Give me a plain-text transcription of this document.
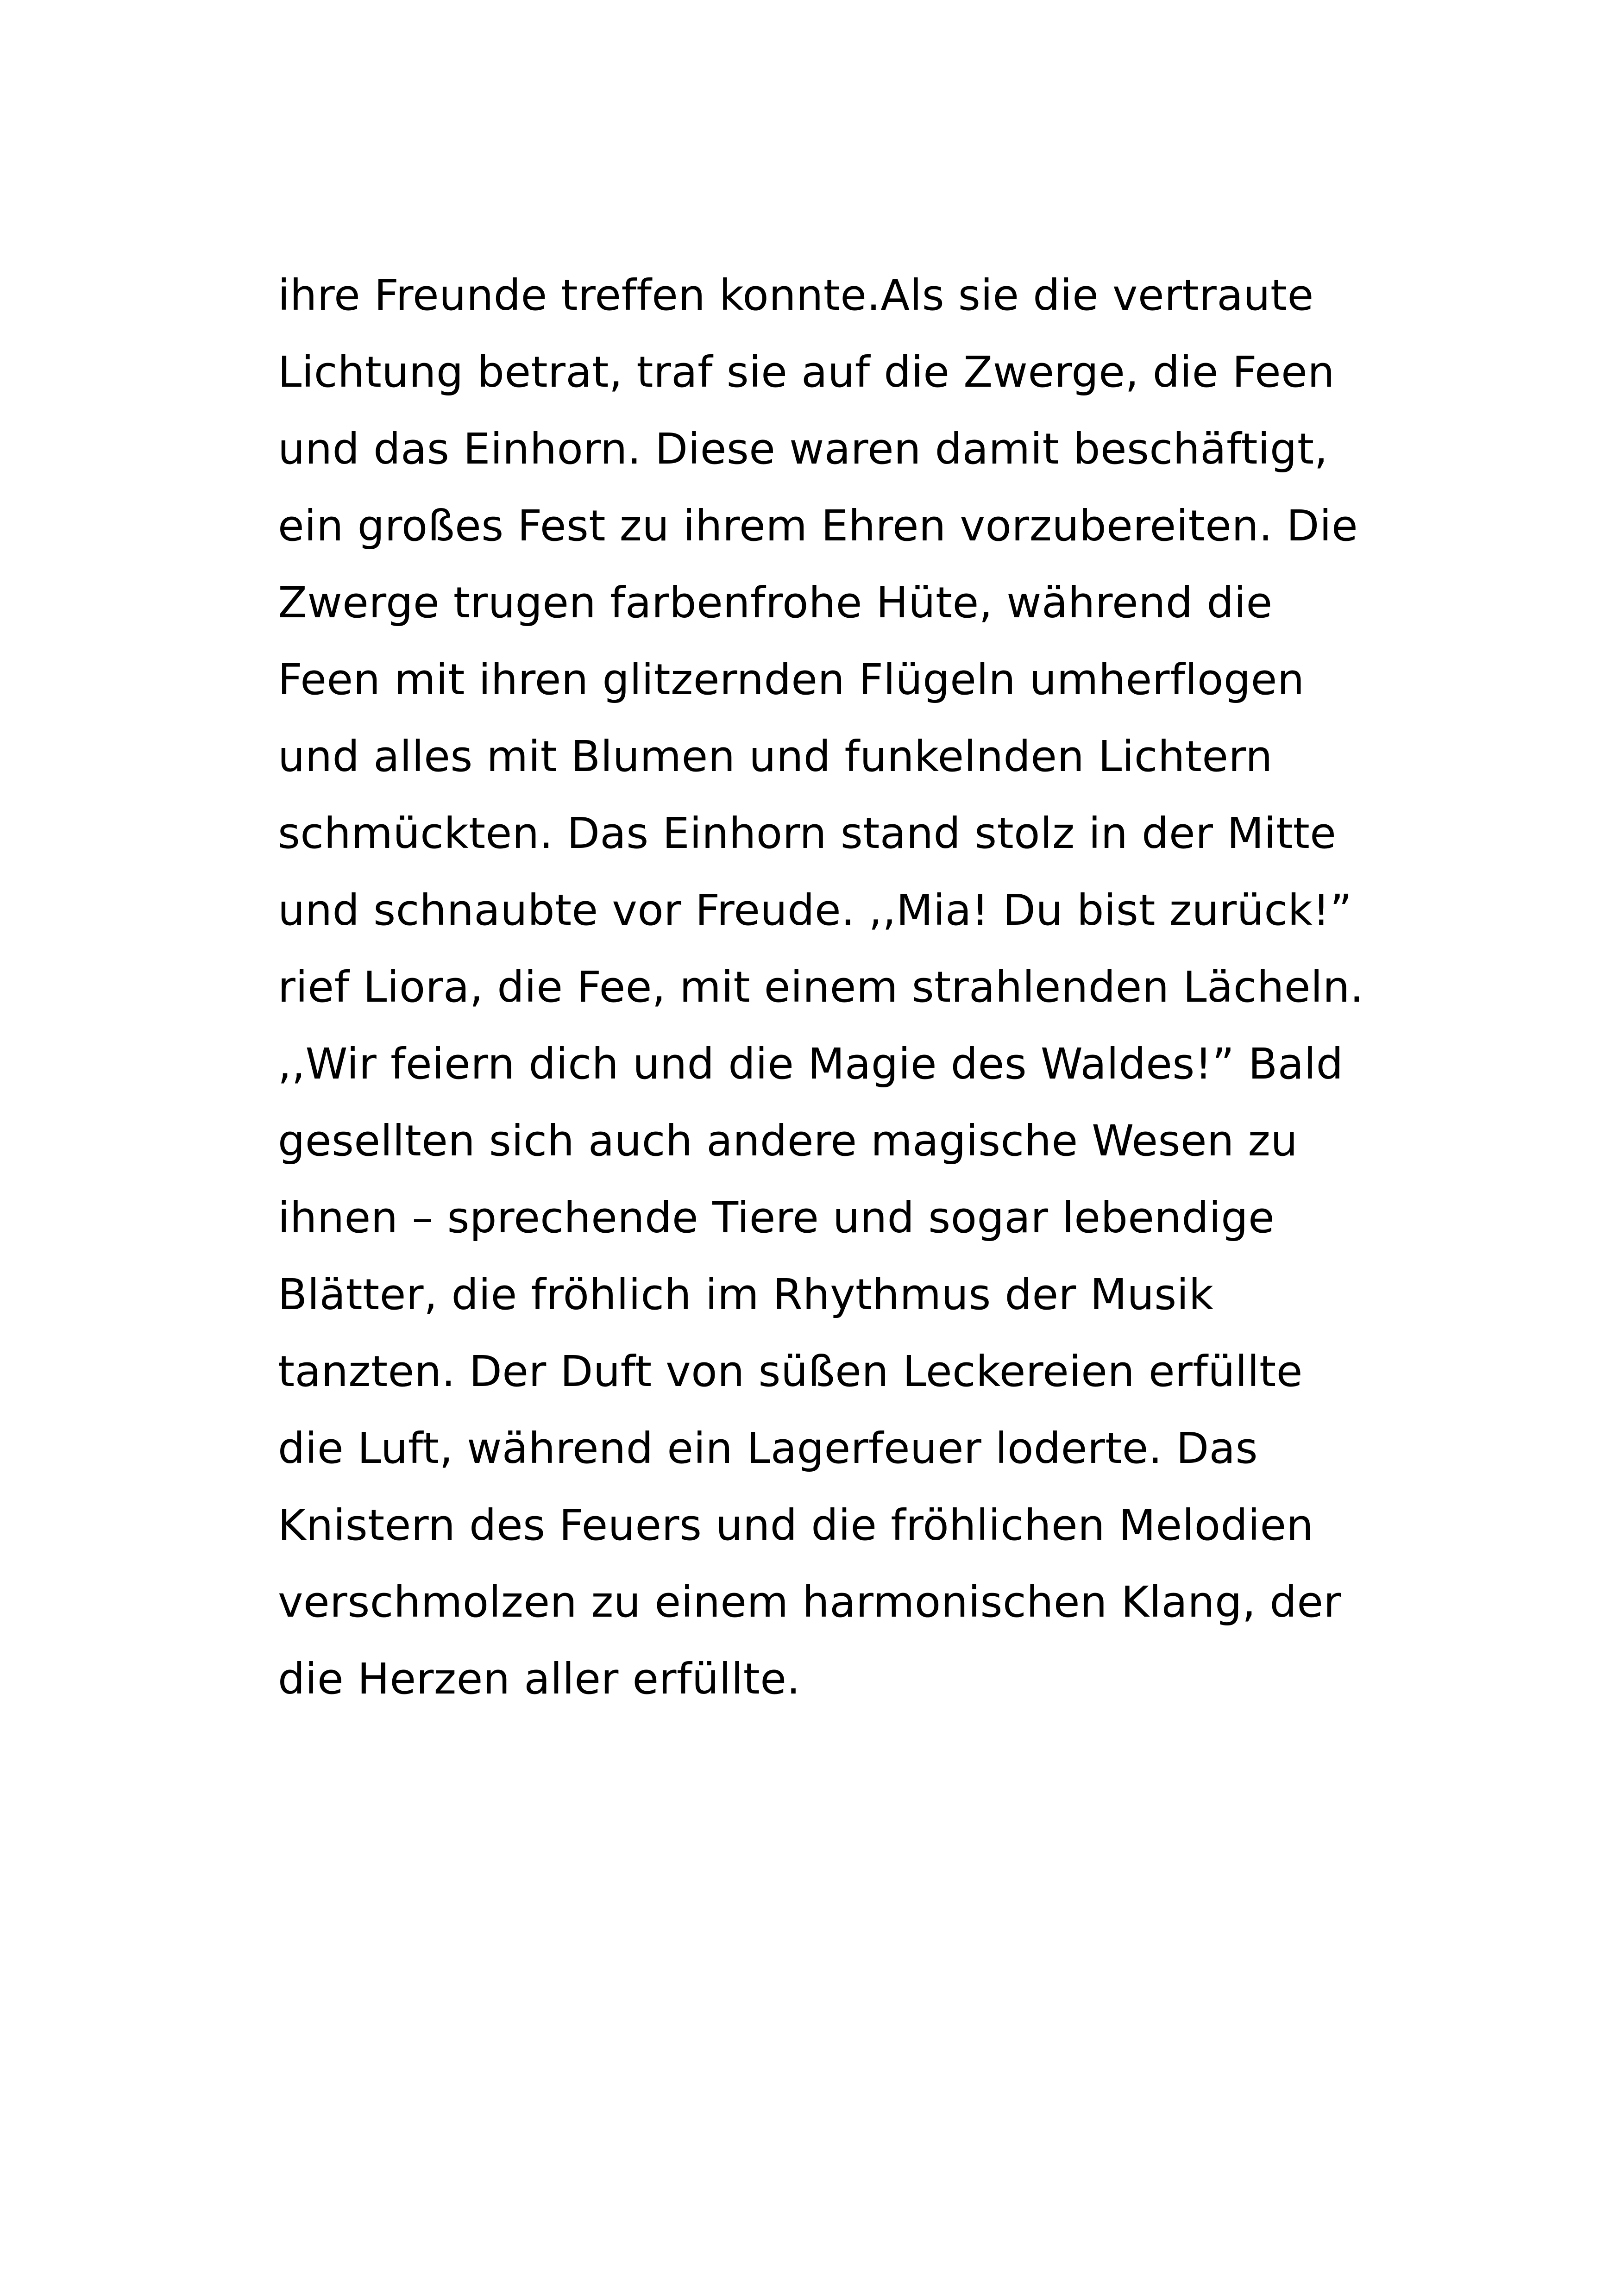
ihre Freunde treffen konnte.Als sie die vertraute
Lichtung betrat, traf sie auf die Zwerge, die Feen
und das Einhorn. Diese waren damit beschäftigt,
ein großes Fest zu ihrem Ehren vorzubereiten. Die
Zwerge trugen farbenfrohe Hüte, während die
Feen mit ihren glitzernden Flügeln umherflogen
und alles mit Blumen und funkelnden Lichtern
schmückten. Das Einhorn stand stolz in der Mitte
und schnaubte vor Freude. ,,Mia! Du bist zurück!”
rief Liora, die Fee, mit einem strahlenden Lächeln.
,,Wir feiern dich und die Magie des Waldes!” Bald
gesellten sich auch andere magische Wesen zu
ihnen – sprechende Tiere und sogar lebendige
Blätter, die fröhlich im Rhythmus der Musik
tanzten. Der Duft von süßen Leckereien erfüllte
die Luft, während ein Lagerfeuer loderte. Das
Knistern des Feuers und die fröhlichen Melodien
verschmolzen zu einem harmonischen Klang, der
die Herzen aller erfüllte.
